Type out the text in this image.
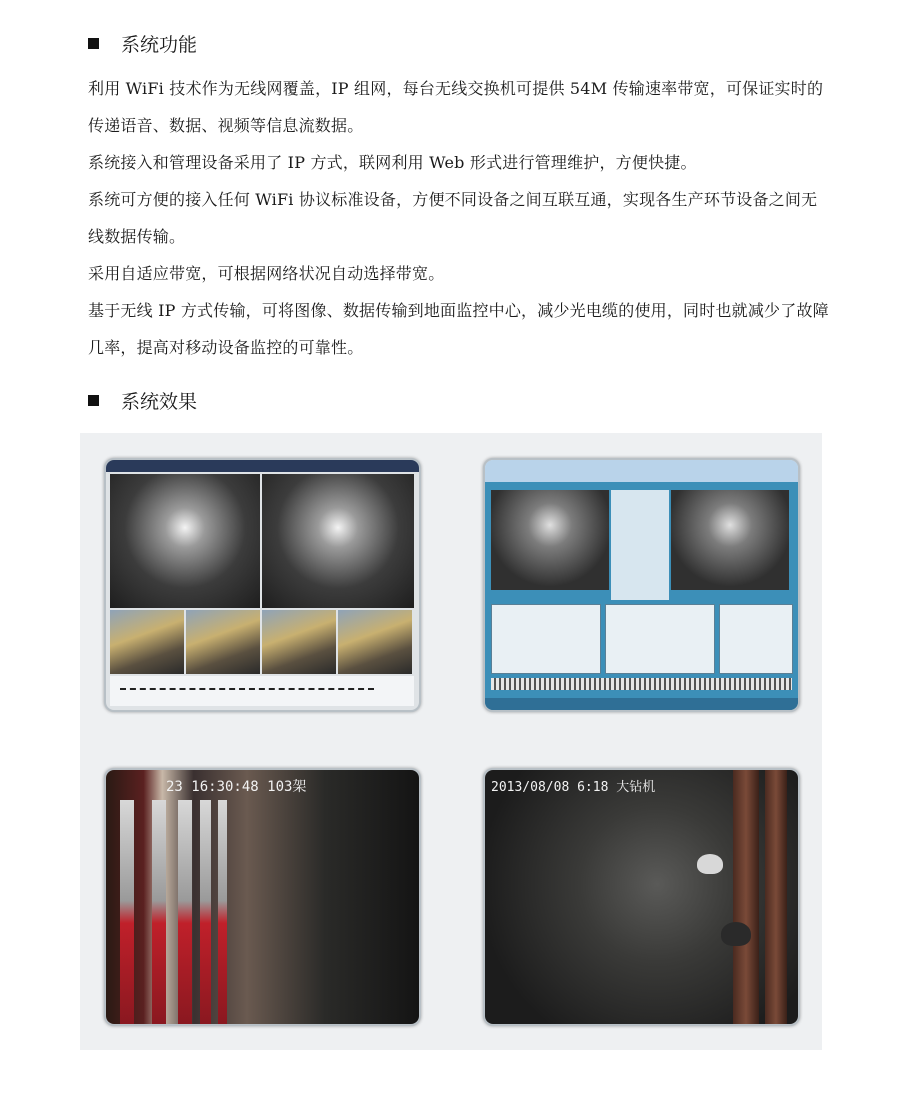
系统功能
利用 WiFi 技术作为无线网覆盖，IP 组网，每台无线交换机可提供 54M 传输速率带宽，可保证实时的传递语音、数据、视频等信息流数据。
系统接入和管理设备采用了 IP 方式，联网利用 Web 形式进行管理维护，方便快捷。
系统可方便的接入任何 WiFi 协议标准设备，方便不同设备之间互联互通，实现各生产环节设备之间无线数据传输。
采用自适应带宽，可根据网络状况自动选择带宽。
基于无线 IP 方式传输，可将图像、数据传输到地面监控中心，减少光电缆的使用，同时也就减少了故障几率，提高对移动设备监控的可靠性。
系统效果
23 16:30:48 103架	2013/08/08 6:18 大钻机
